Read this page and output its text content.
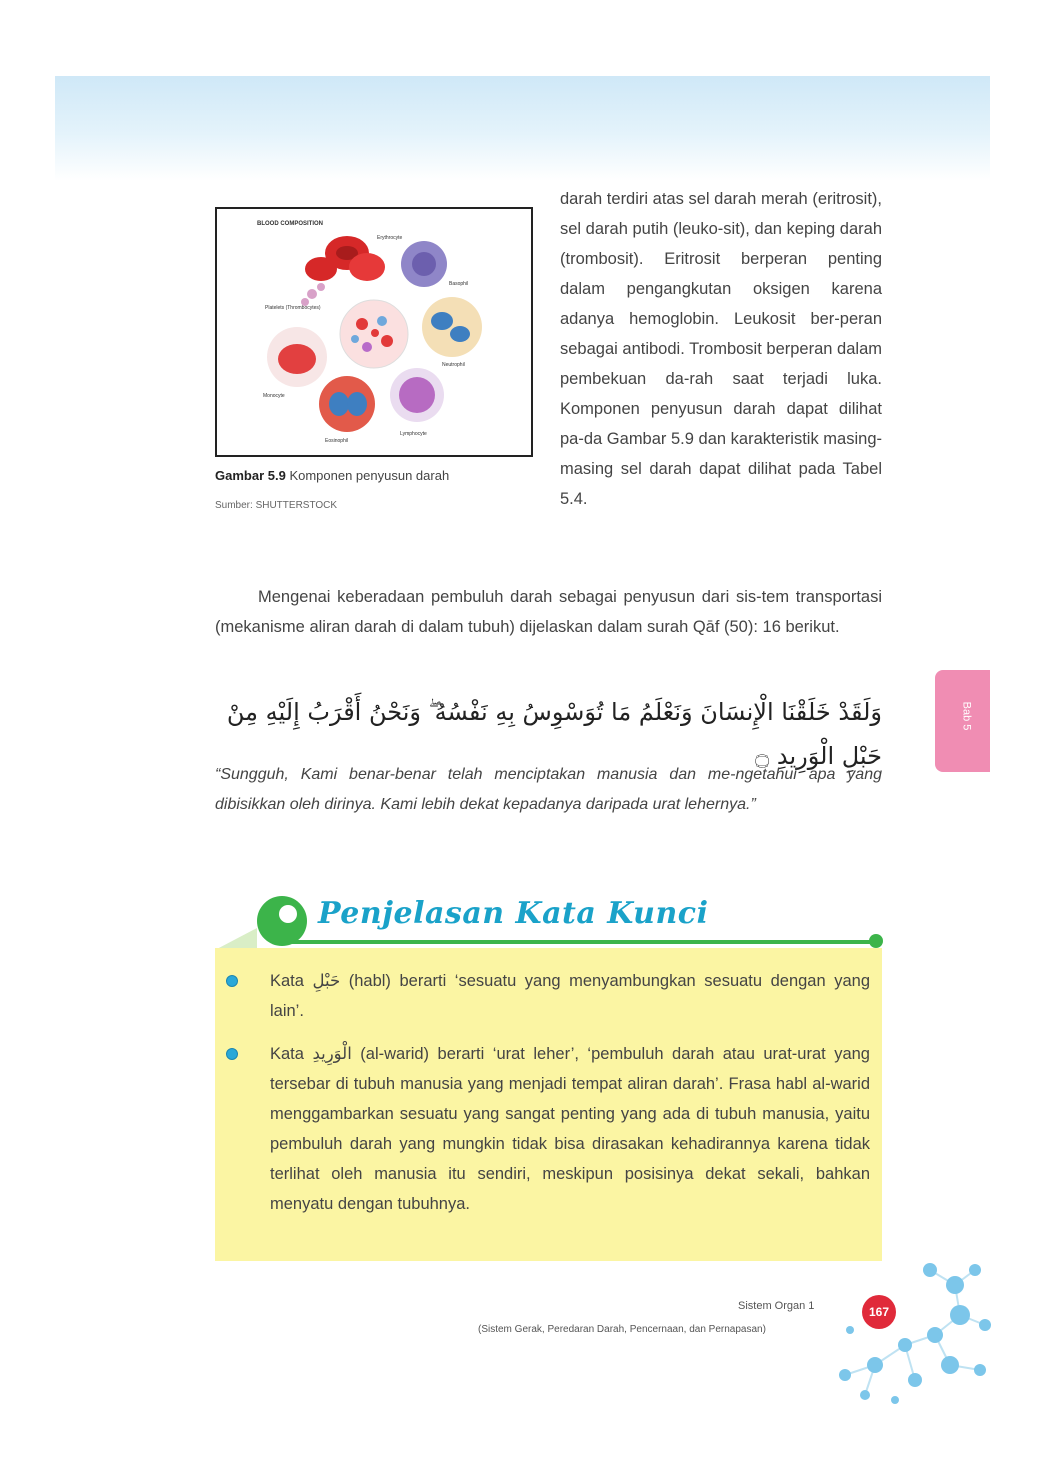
BLOOD COMPOSITION
Erythrocyte
Basophil
Platelets (Thrombocytes)
Neutrophil
Monocyte
Eosinophil
Lymphocyte
Gambar 5.9 Komponen penyusun darah
Sumber: SHUTTERSTOCK
darah terdiri atas sel darah merah (eritrosit), sel darah putih (leuko-sit), dan keping darah (trombosit). Eritrosit berperan penting dalam pengangkutan oksigen karena adanya hemoglobin. Leukosit ber-peran sebagai antibodi. Trombosit berperan dalam pembekuan da-rah saat terjadi luka. Komponen penyusun darah dapat dilihat pa-da Gambar 5.9 dan karakteristik masing-masing sel darah dapat dilihat pada Tabel 5.4.
Mengenai keberadaan pembuluh darah sebagai penyusun dari sis-tem transportasi (mekanisme aliran darah di dalam tubuh) dijelaskan dalam surah Qāf (50): 16 berikut.
وَلَقَدْ خَلَقْنَا الْإِنسَانَ وَنَعْلَمُ مَا تُوَسْوِسُ بِهِ نَفْسُهُ ۖ وَنَحْنُ أَقْرَبُ إِلَيْهِ مِنْ حَبْلِ الْوَرِيدِ ۝
“Sungguh, Kami benar-benar telah menciptakan manusia dan me-ngetahui apa yang dibisikkan oleh dirinya. Kami lebih dekat kepadanya daripada urat lehernya.”
Bab 5
Penjelasan Kata Kunci
Kata حَبْلِ (habl) berarti ‘sesuatu yang menyambungkan sesuatu dengan yang lain’.
Kata الْوَرِيدِ (al-warid) berarti ‘urat leher’, ‘pembuluh darah atau urat-urat yang tersebar di tubuh manusia yang menjadi tempat aliran darah’. Frasa habl al-warid menggambarkan sesuatu yang sangat penting yang ada di tubuh manusia, yaitu pembuluh darah yang mungkin tidak bisa dirasakan kehadirannya karena tidak terlihat oleh manusia itu sendiri, meskipun posisinya dekat sekali, bahkan menyatu dengan tubuhnya.
Sistem Organ 1
(Sistem Gerak, Peredaran Darah, Pencernaan, dan Pernapasan)
167
